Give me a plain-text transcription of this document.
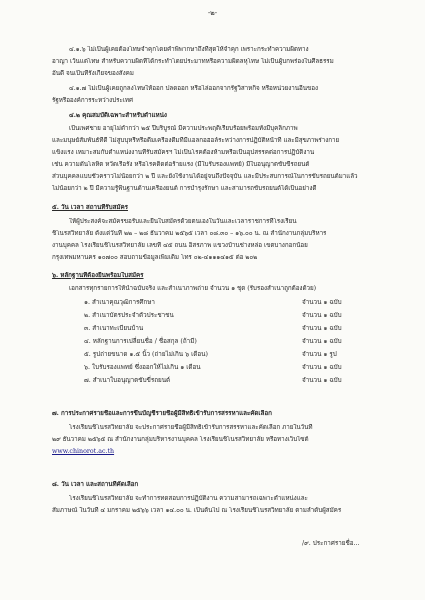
-๒-
๔.๑.๖ ไม่เป็นผู้เคยต้องโทษจำคุกโดยคำพิพากษาถึงที่สุดให้จำคุก เพราะกระทำความผิดทาง
อาญา เว้นแต่โทษ สำหรับความผิดที่ได้กระทำโดยประมาทหรือความผิดลหุโทษ ไม่เป็นผู้บกพร่องในศีลธรรม
อันดี จนเป็นที่รังเกียจของสังคม
๔.๑.๗ ไม่เป็นผู้เคยถูกลงโทษให้ออก ปลดออก หรือไล่ออกจากรัฐวิสาหกิจ หรือหน่วยงานอื่นของ
รัฐหรือองค์การระหว่างประเทศ
๔.๒ คุณสมบัติเฉพาะสำหรับตำแหน่ง
เป็นเพศชาย อายุไม่ต่ำกว่า ๒๕ ปีบริบูรณ์ มีความประพฤติเรียบร้อยพร้อมทั้งมีบุคลิกภาพ
และมนุษย์สัมพันธ์ที่ดี ไม่สูบบุหรี่หรือดื่มเครื่องดื่มที่มีแอลกอฮอล์ระหว่างการปฏิบัติหน้าที่ และมีสุขภาพร่างกาย
แข็งแรง เหมาะสมกับตำแหน่งงานที่รับสมัครฯ ไม่เป็นโรคต้องห้ามหรือเป็นอุปสรรคต่อการปฏิบัติงาน
เช่น ความดันโลหิต หวัดเรื้อรัง หรือโรคติดต่อร้ายแรง (มีใบรับรองแพทย์) มีใบอนุญาตขับขี่รถยนต์
ส่วนบุคคลแบบชั่วคราวไม่น้อยกว่า ๒ ปี และยังใช้งานได้อยู่จนถึงปัจจุบัน และมีประสบการณ์ในการขับรถยนต์มาแล้ว
ไม่น้อยกว่า ๒ ปี มีความรู้พื้นฐานด้านเครื่องยนต์ การบำรุงรักษา และสามารถขับรถยนต์ได้เป็นอย่างดี
๕. วัน เวลา สถานที่รับสมัคร
ให้ผู้ประสงค์จะสมัครขอรับและยื่นใบสมัครด้วยตนเองในวันและเวลาราชการที่โรงเรียน
ชิโนรสวิทยาลัย ตั้งแต่วันที่ ๒๒ – ๒๘ ธันวาคม ๒๕๖๕ เวลา ๐๘.๓๐ – ๑๖.๐๐ น. ณ สำนักงานกลุ่มบริหาร
งานบุคคล โรงเรียนชิโนรสวิทยาลัย เลขที่ ๔๕ ถนน อิสรภาพ แขวงบ้านช่างหล่อ เขตบางกอกน้อย
กรุงเทพมหานคร ๑๐๗๐๐ สอบถามข้อมูลเพิ่มเติม โทร ๐๒-๔๑๑๑๔๑๕ ต่อ ๒๐๒
๖. หลักฐานที่ต้องยื่นพร้อมใบสมัคร
เอกสารทุกรายการให้นำฉบับจริง และสำเนาภาพถ่าย จำนวน ๑ ชุด (รับรองสำเนาถูกต้องด้วย)
๑. สำเนาคุณวุฒิการศึกษา	จำนวน ๑ ฉบับ
๒. สำเนาบัตรประจำตัวประชาชน	จำนวน ๑ ฉบับ
๓. สำเนาทะเบียนบ้าน	จำนวน ๑ ฉบับ
๔. หลักฐานการเปลี่ยนชื่อ / ชื่อสกุล (ถ้ามี)	จำนวน ๑ ฉบับ
๕. รูปถ่ายขนาด ๑.๕ นิ้ว (ถ่ายไม่เกิน ๖ เดือน)	จำนวน ๑ รูป
๖. ใบรับรองแพทย์ ซึ่งออกให้ไม่เกิน ๑ เดือน	จำนวน ๑ ฉบับ
๗. สำเนาใบอนุญาตขับขี่รถยนต์	จำนวน ๑ ฉบับ
๗. การประกาศรายชื่อและการขึ้นบัญชีรายชื่อผู้มีสิทธิ์เข้ารับการสรรหาและคัดเลือก
โรงเรียนชิโนรสวิทยาลัย จะประกาศรายชื่อผู้มีสิทธิ์เข้ารับการสรรหาและคัดเลือก ภายในวันที่
๒๙ ธันวาคม ๒๕๖๕ ณ สำนักงานกลุ่มบริหารงานบุคคล โรงเรียนชิโนรสวิทยาลัย หรือทางเว็บไซต์
www.chinorot.ac.th
๘. วัน เวลา และสถานที่คัดเลือก
โรงเรียนชิโนรสวิทยาลัย จะทำการทดสอบการปฏิบัติงาน ความสามารถเฉพาะตำแหน่งและ
สัมภาษณ์ ในวันที่ ๔ มกราคม ๒๕๖๖ เวลา ๑๔.๐๐ น. เป็นต้นไป ณ โรงเรียนชิโนรสวิทยาลัย ตามลำดับผู้สมัคร
/๙. ประกาศรายชื่อ...
